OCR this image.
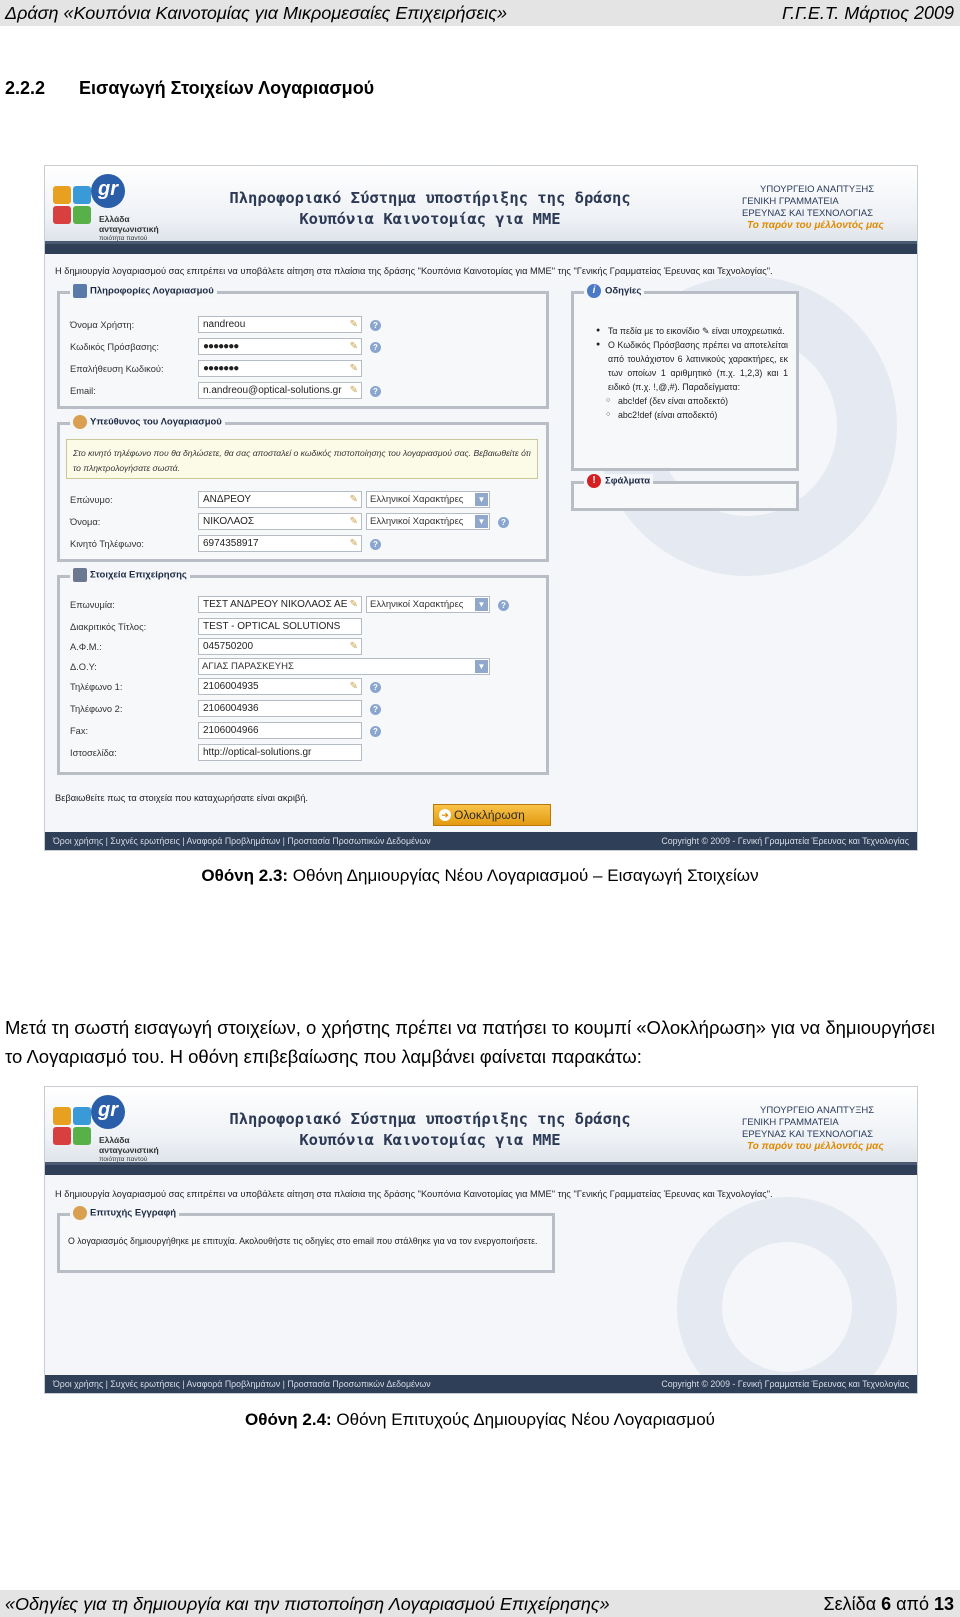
Δράση «Κουπόνια Καινοτομίας για Μικρομεσαίες Επιχειρήσεις»	Γ.Γ.Ε.Τ. Μάρτιος 2009
2.2.2 Εισαγωγή Στοιχείων Λογαριασμού
gr
Ελλάδα
ανταγωνιστική
ποιότητα παντού
Πληροφοριακό Σύστημα υποστήριξης της δράσης
Κουπόνια Καινοτομίας για ΜΜΕ
ΥΠΟΥΡΓΕΙΟ ΑΝΑΠΤΥΞΗΣ
ΓΕΝΙΚΗ ΓΡΑΜΜΑΤΕΙΑ
ΕΡΕΥΝΑΣ ΚΑΙ ΤΕΧΝΟΛΟΓΙΑΣ
Το παρόν του μέλλοντός μας
Η δημιουργία λογαριασμού σας επιτρέπει να υποβάλετε αίτηση στα πλαίσια της δράσης "Κουπόνια Καινοτομίας για ΜΜΕ" της "Γενικής Γραμματείας Έρευνας και Τεχνολογίας".
Πληροφορίες Λογαριασμού
Όνομα Χρήστη:	nandreou	✎	?
Κωδικός Πρόσβασης:	●●●●●●●	✎	?
Επαλήθευση Κωδικού:	●●●●●●●	✎
Email:	n.andreou@optical-solutions.gr ✎	?
Υπεύθυνος του Λογαριασμού
Στο κινητό τηλέφωνο που θα δηλώσετε, θα σας αποσταλεί ο κωδικός πιστοποίησης του λογαριασμού σας. Βεβαιωθείτε ότι το πληκτρολογήσατε σωστά.
Επώνυμο:	ΑΝΔΡΕΟΥ	✎	Ελληνικοί Χαρακτήρες	▼
Όνομα:	ΝΙΚΟΛΑΟΣ	✎	Ελληνικοί Χαρακτήρες	▼	?
Κινητό Τηλέφωνο:	6974358917	✎	?
Στοιχεία Επιχείρησης
Επωνυμία:	ΤΕΣΤ ΑΝΔΡΕΟΥ ΝΙΚΟΛΑΟΣ ΑΕ ✎	Ελληνικοί Χαρακτήρες	▼	?
Διακριτικός Τίτλος:	TEST - OPTICAL SOLUTIONS
Α.Φ.Μ.:	045750200	✎
Δ.Ο.Υ:	ΑΓΙΑΣ ΠΑΡΑΣΚΕΥΗΣ	▼
Τηλέφωνο 1:	2106004935	✎	?
Τηλέφωνο 2:	2106004936	?
Fax:	2106004966	?
Ιστοσελίδα:	http://optical-solutions.gr
i Οδηγίες
● Τα πεδία με το εικονίδιο ✎ είναι υποχρεωτικά.
● Ο Κωδικός Πρόσβασης πρέπει να αποτελείται από τουλάχιστον 6 λατινικούς χαρακτήρες, εκ των οποίων 1 αριθμητικό (π.χ. 1,2,3) και 1 ειδικό (π.χ. !,@,#). Παραδείγματα:
○ abc!def (δεν είναι αποδεκτό)
○ abc2!def (είναι αποδεκτό)
! Σφάλματα
Βεβαιωθείτε πως τα στοιχεία που καταχωρήσατε είναι ακριβή.
➜ Ολοκλήρωση
Όροι χρήσης | Συχνές ερωτήσεις | Αναφορά Προβλημάτων | Προστασία Προσωπικών Δεδομένων	Copyright © 2009 - Γενική Γραμματεία Έρευνας και Τεχνολογίας
Οθόνη 2.3: Οθόνη Δημιουργίας Νέου Λογαριασμού – Εισαγωγή Στοιχείων
Μετά τη σωστή εισαγωγή στοιχείων, ο χρήστης πρέπει να πατήσει το κουμπί «Ολοκλήρωση» για να δημιουργήσει το Λογαριασμό του. Η οθόνη επιβεβαίωσης που λαμβάνει φαίνεται παρακάτω:
gr
Ελλάδα
ανταγωνιστική
ποιότητα παντού
Πληροφοριακό Σύστημα υποστήριξης της δράσης
Κουπόνια Καινοτομίας για ΜΜΕ
ΥΠΟΥΡΓΕΙΟ ΑΝΑΠΤΥΞΗΣ
ΓΕΝΙΚΗ ΓΡΑΜΜΑΤΕΙΑ
ΕΡΕΥΝΑΣ ΚΑΙ ΤΕΧΝΟΛΟΓΙΑΣ
Το παρόν του μέλλοντός μας
Η δημιουργία λογαριασμού σας επιτρέπει να υποβάλετε αίτηση στα πλαίσια της δράσης "Κουπόνια Καινοτομίας για ΜΜΕ" της "Γενικής Γραμματείας Έρευνας και Τεχνολογίας".
Επιτυχής Εγγραφή
Ο λογαριασμός δημιουργήθηκε με επιτυχία. Ακολουθήστε τις οδηγίες στο email που στάλθηκε για να τον ενεργοποιήσετε.
Όροι χρήσης | Συχνές ερωτήσεις | Αναφορά Προβλημάτων | Προστασία Προσωπικών Δεδομένων	Copyright © 2009 - Γενική Γραμματεία Έρευνας και Τεχνολογίας
Οθόνη 2.4: Οθόνη Επιτυχούς Δημιουργίας Νέου Λογαριασμού
«Οδηγίες για τη δημιουργία και την πιστοποίηση Λογαριασμού Επιχείρησης»	Σελίδα 6 από 13
